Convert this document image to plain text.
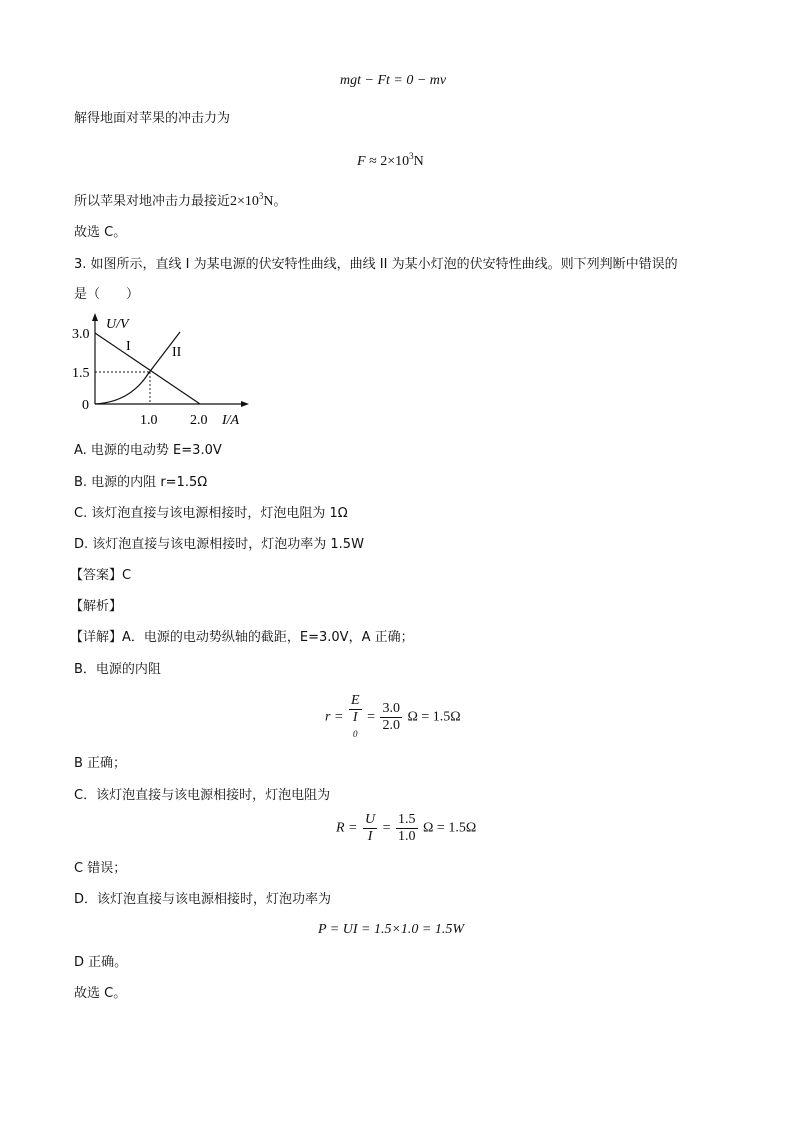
mgt − Ft = 0 − mv
解得地面对苹果的冲击力为
$F \approx 2\times 10^3N$
所以苹果对地冲击力最接近$2\times 10^3N$。
故选 C。
3. 如图所示，直线 I 为某电源的伏安特性曲线，曲线 II 为某小灯泡的伏安特性曲线。则下列判断中错误的
是（　　）
U/V
I/A
3.0
1.5
0
1.0 2.0
I	II
A. 电源的电动势 E=3.0V
B. 电源的内阻 r=1.5Ω
C. 该灯泡直接与该电源相接时，灯泡电阻为 1Ω
D. 该灯泡直接与该电源相接时，灯泡功率为 1.5W
【答案】C
【解析】
【详解】A．电源的电动势纵轴的截距，E=3.0V，A 正确；
B．电源的内阻
r = E
I
$0 = \frac{3.0}{2.0}$ Ω = 1.5Ω
B 正确；
C．该灯泡直接与该电源相接时，灯泡电阻为
$R = \frac{U}{I} = \frac{1.5}{1.0}$ Ω = 1.5Ω
C 错误；
D．该灯泡直接与该电源相接时，灯泡功率为
P = UI = 1.5×1.0 = 1.5W
D 正确。
故选 C。
